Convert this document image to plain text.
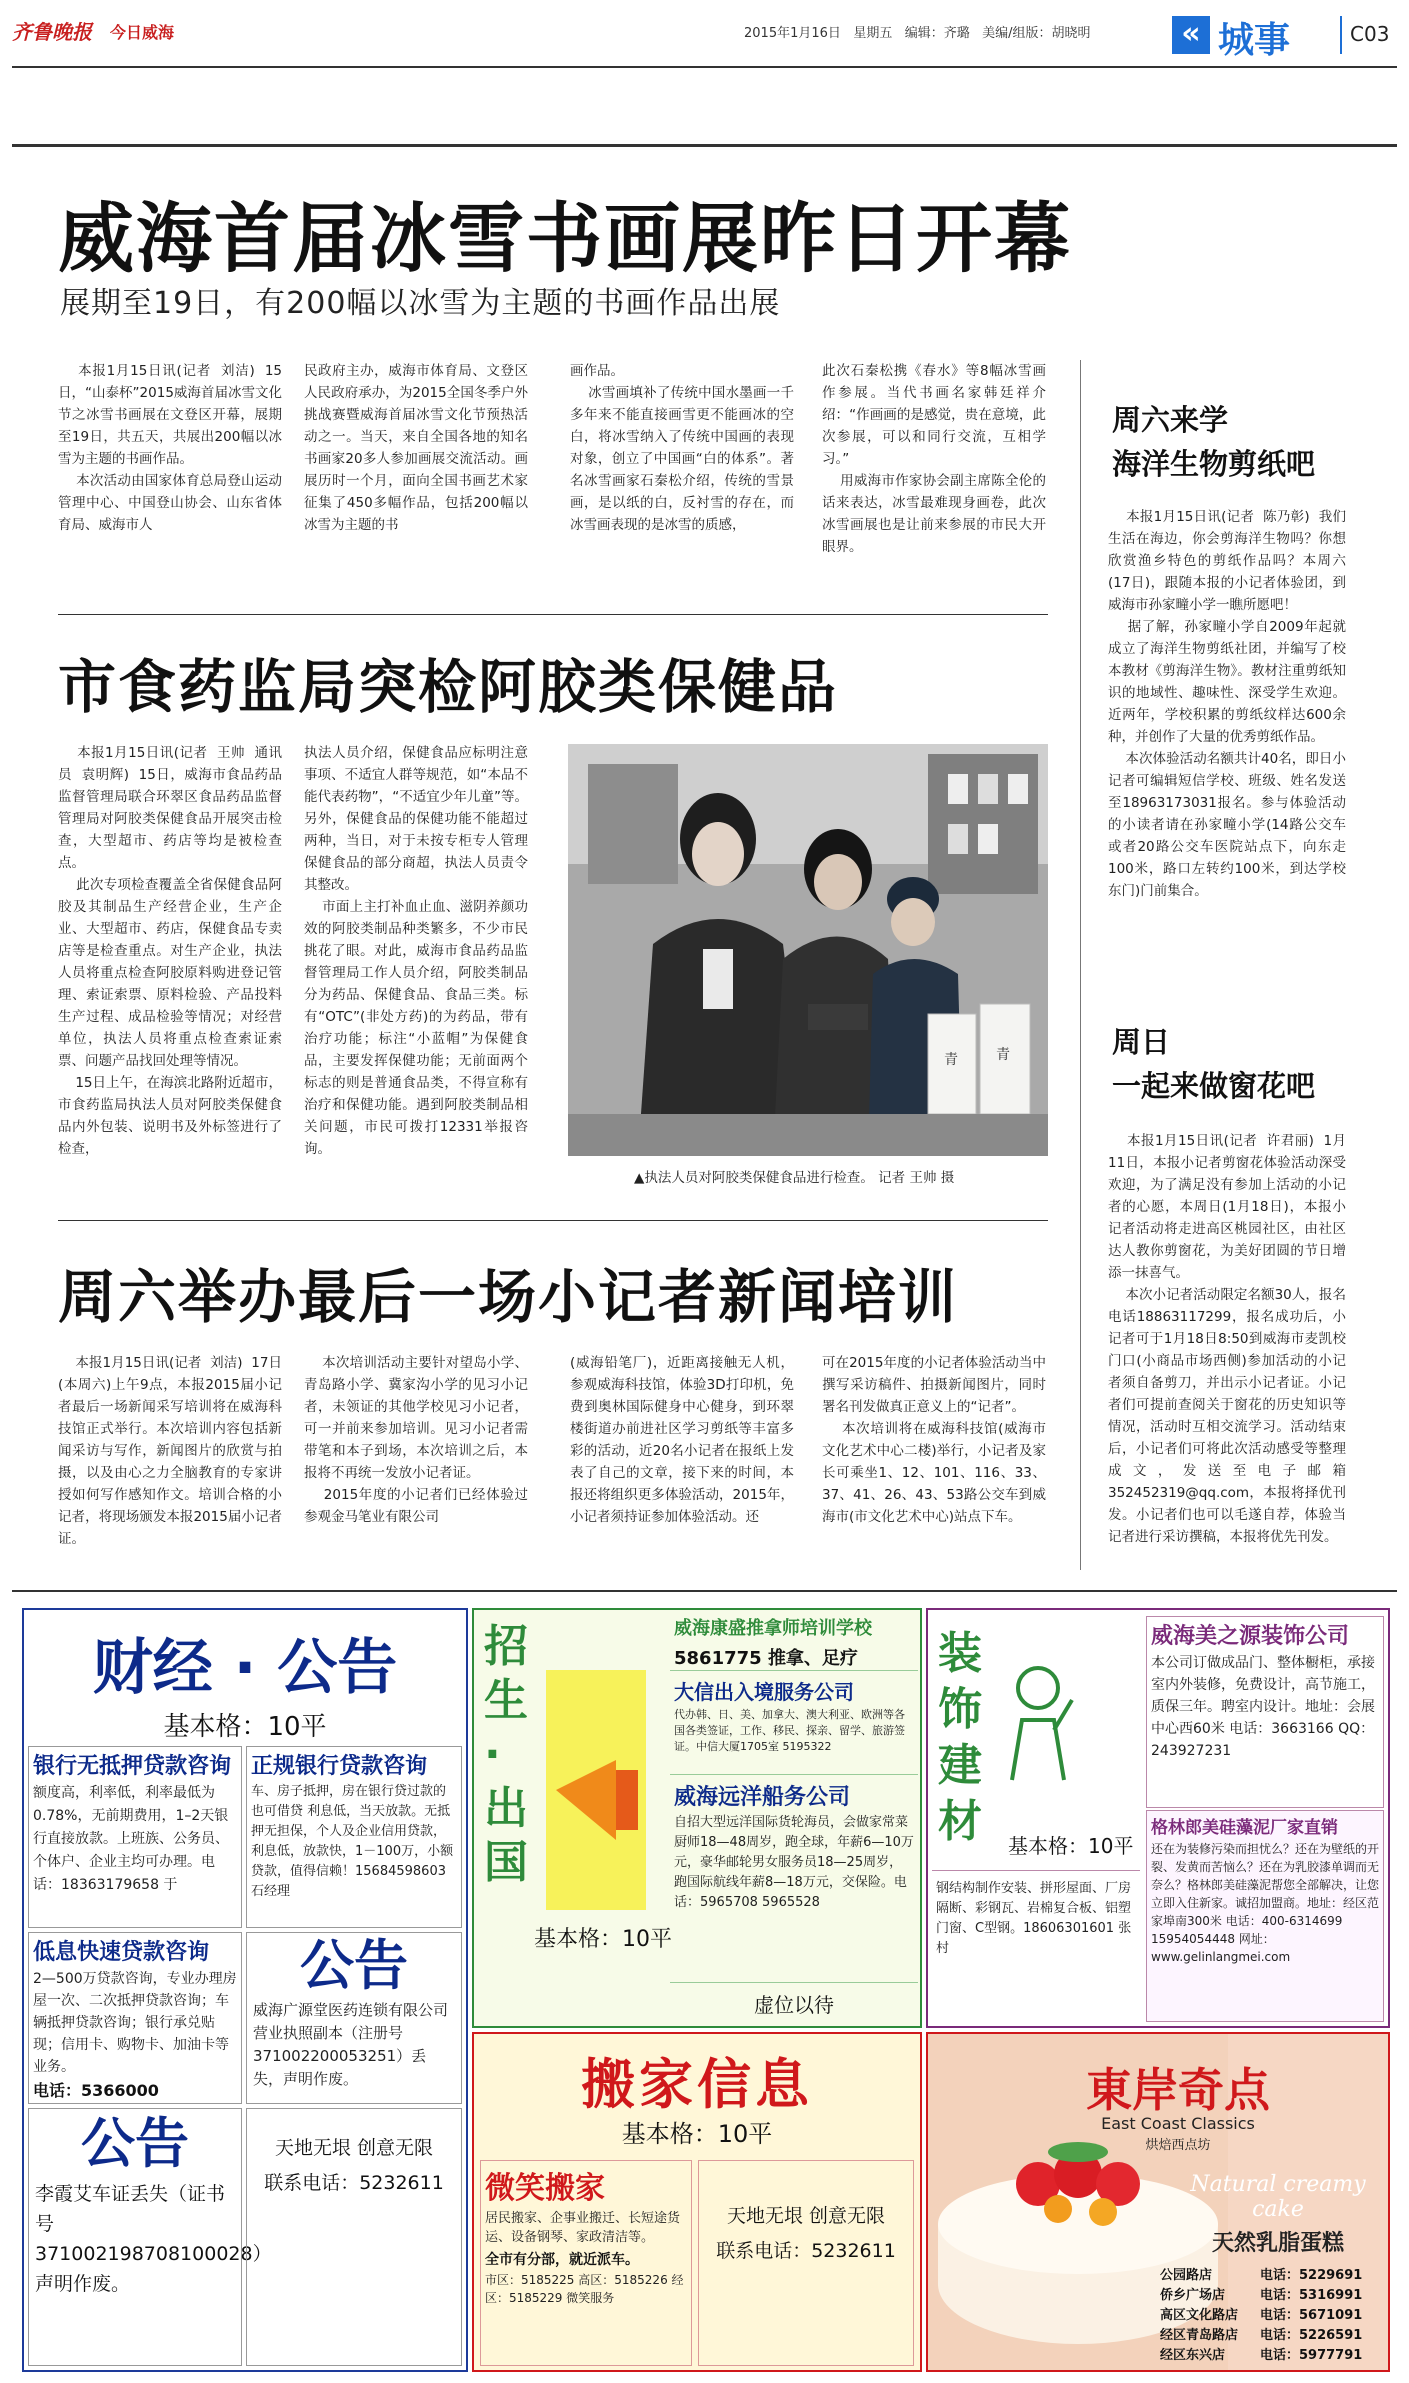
齐鲁晚报 今日威海	2015年1月16日 星期五 编辑：齐璐 美编/组版：胡晓明	« 城事	C03
威海首届冰雪书画展昨日开幕
展期至19日，有200幅以冰雪为主题的书画作品出展
本报1月15日讯(记者  刘洁)  15日，“山泰杯”2015威海首届冰雪文化节之冰雪书画展在文登区开幕，展期至19日，共五天，共展出200幅以冰雪为主题的书画作品。
本次活动由国家体育总局登山运动管理中心、中国登山协会、山东省体育局、威海市人
民政府主办，威海市体育局、文登区人民政府承办，为2015全国冬季户外挑战赛暨威海首届冰雪文化节预热活动之一。当天，来自全国各地的知名书画家20多人参加画展交流活动。画展历时一个月，面向全国书画艺术家征集了450多幅作品，包括200幅以冰雪为主题的书
画作品。
冰雪画填补了传统中国水墨画一千多年来不能直接画雪更不能画冰的空白，将冰雪纳入了传统中国画的表现对象，创立了中国画“白的体系”。著名冰雪画家石秦松介绍，传统的雪景画，是以纸的白，反衬雪的存在，而冰雪画表现的是冰雪的质感，
此次石秦松携《春水》等8幅冰雪画作参展。当代书画名家韩廷祥介绍：“作画画的是感觉，贵在意境，此次参展，可以和同行交流，互相学习。”
用威海市作家协会副主席陈全伦的话来表达，冰雪最难现身画卷，此次冰雪画展也是让前来参展的市民大开眼界。
周六来学
海洋生物剪纸吧
本报1月15日讯(记者  陈乃彰)  我们生活在海边，你会剪海洋生物吗？你想欣赏渔乡特色的剪纸作品吗？本周六(17日)，跟随本报的小记者体验团，到威海市孙家疃小学一瞧所愿吧！
据了解，孙家疃小学自2009年起就成立了海洋生物剪纸社团，并编写了校本教材《剪海洋生物》。教材注重剪纸知识的地域性、趣味性、深受学生欢迎。近两年，学校积累的剪纸纹样达600余种，并创作了大量的优秀剪纸作品。
本次体验活动名额共计40名，即日小记者可编辑短信学校、班级、姓名发送至18963173031报名。参与体验活动的小读者请在孙家疃小学(14路公交车或者20路公交车医院站点下，向东走100米，路口左转约100米，到达学校东门)门前集合。
周日
一起来做窗花吧
本报1月15日讯(记者  许君丽)  1月11日，本报小记者剪窗花体验活动深受欢迎，为了满足没有参加上活动的小记者的心愿，本周日(1月18日)，本报小记者活动将走进高区桃园社区，由社区达人教你剪窗花，为美好团圆的节日增添一抹喜气。
本次小记者活动限定名额30人，报名电话18863117299，报名成功后，小记者可于1月18日8:50到威海市麦凯校门口(小商品市场西侧)参加活动的小记者须自备剪刀，并出示小记者证。小记者们可提前查阅关于窗花的历史知识等情况，活动时互相交流学习。活动结束后，小记者们可将此次活动感受等整理成文，发送至电子邮箱352452319@qq.com，本报将择优刊发。小记者们也可以毛遂自荐，体验当记者进行采访撰稿，本报将优先刊发。
市食药监局突检阿胶类保健品
本报1月15日讯(记者  王帅  通讯员  袁明辉)  15日，威海市食品药品监督管理局联合环翠区食品药品监督管理局对阿胶类保健食品开展突击检查，大型超市、药店等均是被检查点。
此次专项检查覆盖全省保健食品阿胶及其制品生产经营企业，生产企业、大型超市、药店，保健食品专卖店等是检查重点。对生产企业，执法人员将重点检查阿胶原料购进登记管理、索证索票、原料检验、产品投料生产过程、成品检验等情况；对经营单位，执法人员将重点检查索证索票、问题产品找回处理等情况。
15日上午，在海滨北路附近超市，市食药监局执法人员对阿胶类保健食品内外包装、说明书及外标签进行了检查，
执法人员介绍，保健食品应标明注意事项、不适宜人群等规范，如“本品不能代表药物”，“不适宜少年儿童”等。另外，保健食品的保健功能不能超过两种，当日，对于未按专柜专人管理保健食品的部分商超，执法人员责令其整改。
市面上主打补血止血、滋阴养颜功效的阿胶类制品种类繁多，不少市民挑花了眼。对此，威海市食品药品监督管理局工作人员介绍，阿胶类制品分为药品、保健食品、食品三类。标有“OTC”(非处方药)的为药品，带有治疗功能；标注“小蓝帽”为保健食品，主要发挥保健功能；无前面两个标志的则是普通食品类，不得宣称有治疗和保健功能。遇到阿胶类制品相关问题，市民可拨打12331举报咨询。
青	青
▲执法人员对阿胶类保健食品进行检查。 记者 王帅 摄
周六举办最后一场小记者新闻培训
本报1月15日讯(记者  刘洁)  17日(本周六)上午9点，本报2015届小记者最后一场新闻采写培训将在威海科技馆正式举行。本次培训内容包括新闻采访与写作，新闻图片的欣赏与拍摄，以及由心之力全脑教育的专家讲授如何写作感知作文。培训合格的小记者，将现场颁发本报2015届小记者证。
本次培训活动主要针对望岛小学、青岛路小学、冀家沟小学的见习小记者，未领证的其他学校见习小记者，可一并前来参加培训。见习小记者需带笔和本子到场，本次培训之后，本报将不再统一发放小记者证。
2015年度的小记者们已经体验过参观金马笔业有限公司
(威海铅笔厂)，近距离接触无人机，参观威海科技馆，体验3D打印机，免费到奥林国际健身中心健身，到环翠楼街道办前进社区学习剪纸等丰富多彩的活动，近20名小记者在报纸上发表了自己的文章，接下来的时间，本报还将组织更多体验活动，2015年，小记者须持证参加体验活动。还
可在2015年度的小记者体验活动当中撰写采访稿件、拍摄新闻图片，同时署名刊发做真正意义上的“记者”。
本次培训将在威海科技馆(威海市文化艺术中心二楼)举行，小记者及家长可乘坐1、12、101、116、33、37、41、26、43、53路公交车到威海市(市文化艺术中心)站点下车。
财经 · 公告
基本格：10平
银行无抵押贷款咨询
额度高，利率低，利率最低为0.78%，无前期费用，1–2天银行直接放款。上班族、公务员、个体户、企业主均可办理。电话：18363179658 于
正规银行贷款咨询
车、房子抵押，房在银行贷过款的也可借贷 利息低，当天放款。无抵押无担保，个人及企业信用贷款，利息低，放款快，1－100万，小额贷款，值得信赖！15684598603 石经理
低息快速贷款咨询
2—500万贷款咨询，专业办理房屋一次、二次抵押贷款咨询；车辆抵押贷款咨询；银行承兑贴现；信用卡、购物卡、加油卡等业务。
电话：5366000
公告
威海广源堂医药连锁有限公司营业执照副本（注册号371002200053251）丢失，声明作废。
公告
李霞艾车证丢失（证书号371002198708100028）声明作废。
天地无垠 创意无限
联系电话：5232611
招生·出国
基本格：10平
威海康盛推拿师培训学校
5861775 推拿、足疗
大信出入境服务公司
代办韩、日、美、加拿大、澳大利亚、欧洲等各国各类签证，工作、移民、探亲、留学、旅游签证。中信大厦1705室 5195322
威海远洋船务公司
自招大型远洋国际货轮海员，会做家常菜厨师18—48周岁，跑全球，年薪6—10万元，豪华邮轮男女服务员18—25周岁，跑国际航线年薪8—18万元，交保险。电话：5965708 5965528
虚位以待
搬家信息
基本格：10平
微笑搬家
居民搬家、企事业搬迁、长短途货运、设备钢琴、家政清洁等。
全市有分部，就近派车。
市区：5185225 高区：5185226 经区：5185229 微笑服务
天地无垠 创意无限
联系电话：5232611
装饰建材	基本格：10平
威海美之源装饰公司
本公司订做成品门、整体橱柜，承接室内外装修，免费设计，高节施工，质保三年。聘室内设计。地址：会展中心西60米 电话：3663166 QQ：243927231
格林郎美硅藻泥厂家直销
还在为装修污染而担忧么？还在为壁纸的开裂、发黄而苦恼么？还在为乳胶漆单调而无奈么？格林郎美硅藻泥帮您全部解决，让您立即入住新家。诚招加盟商。地址：经区范家埠南300米 电话：400-6314699 15954054448 网址：www.gelinlangmei.com
钢结构制作安装、拼形屋面、厂房隔断、彩钢瓦、岩棉复合板、铝塑门窗、C型钢。18606301601 张村
東岸奇点
East Coast Classics
烘焙西点坊
Natural creamy cake
天然乳脂蛋糕
公园路店	电话：5229691
侨乡广场店	电话：5316991
高区文化路店	电话：5671091
经区青岛路店	电话：5226591
经区东兴店	电话：5977791
